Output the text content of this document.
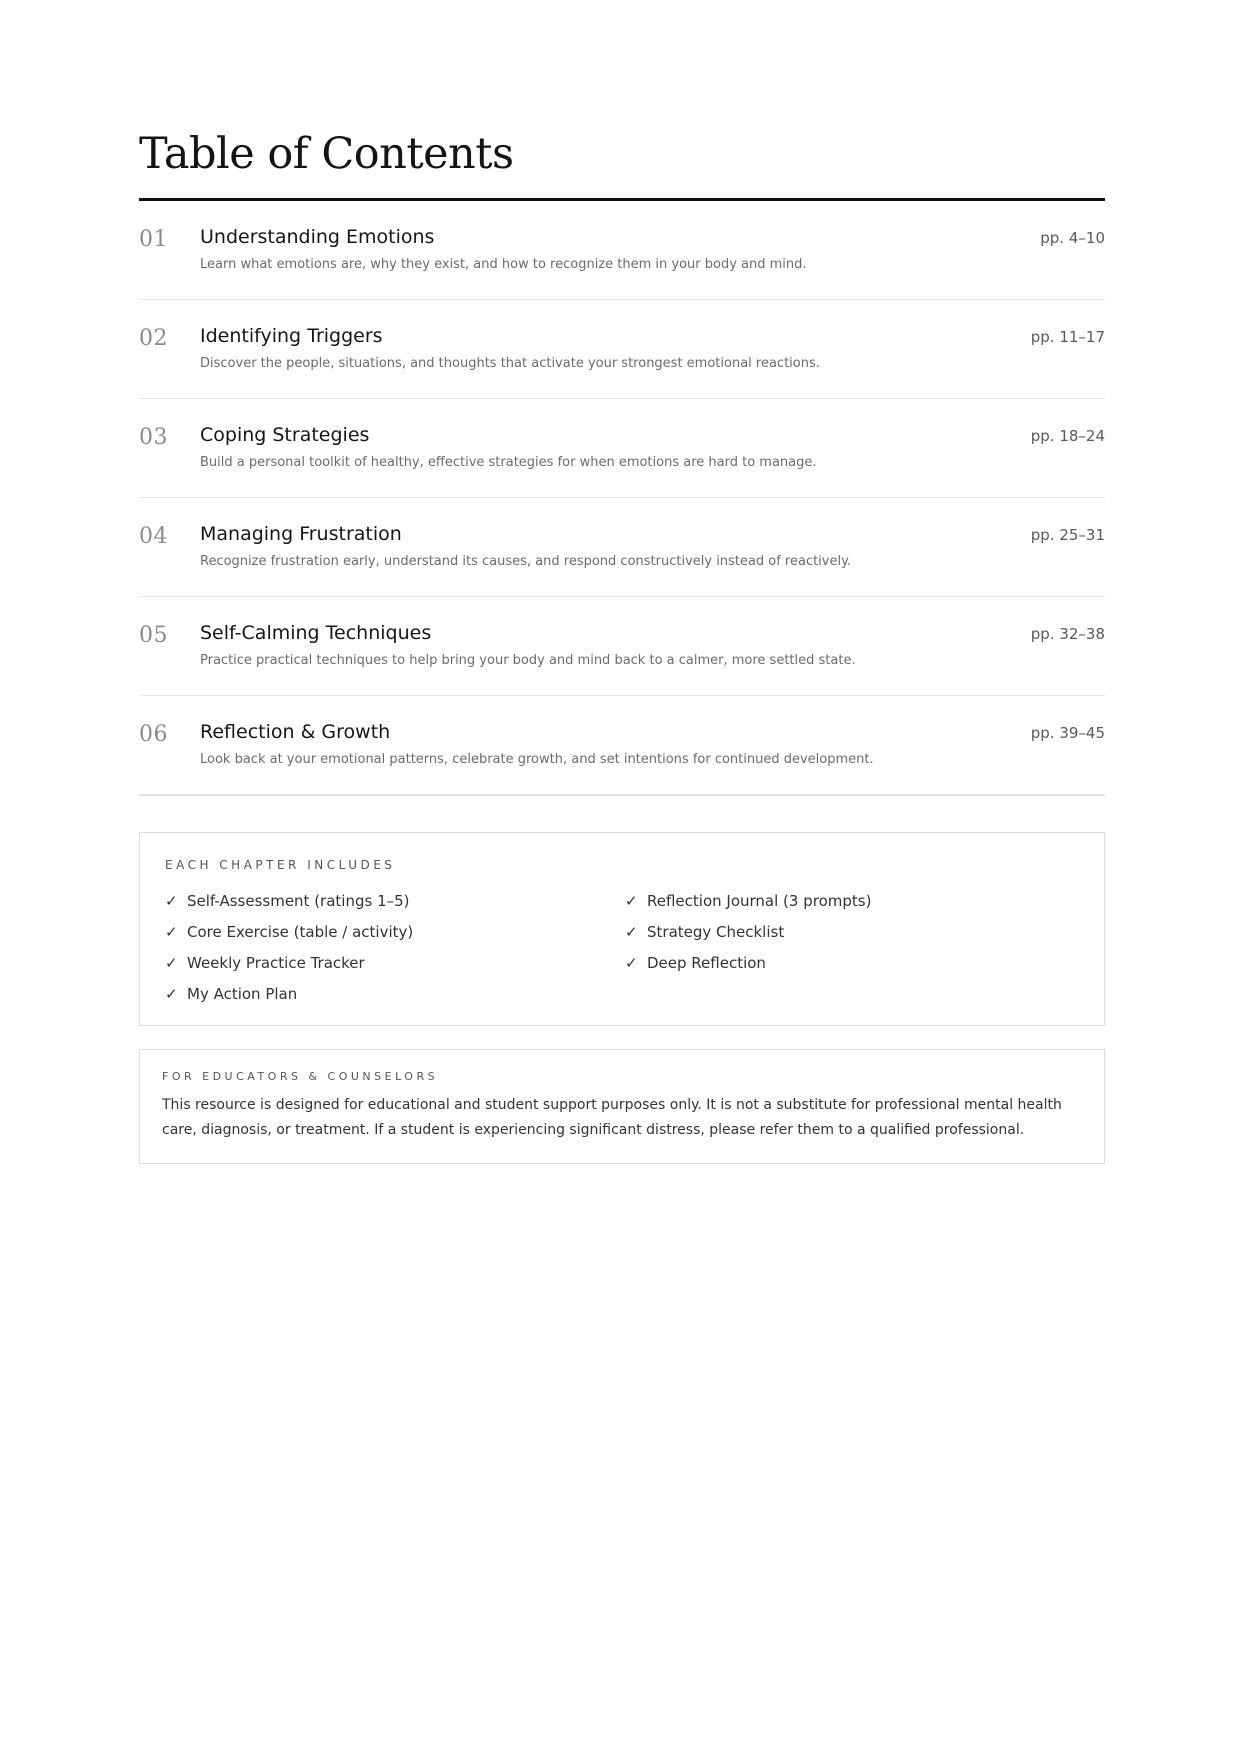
Table of Contents
01 Understanding Emotions
Learn what emotions are, why they exist, and how to recognize them in your body and mind.
pp. 4–10
02 Identifying Triggers
Discover the people, situations, and thoughts that activate your strongest emotional reactions.
pp. 11–17
03 Coping Strategies
Build a personal toolkit of healthy, effective strategies for when emotions are hard to manage.
pp. 18–24
04 Managing Frustration
Recognize frustration early, understand its causes, and respond constructively instead of reactively.
pp. 25–31
05 Self-Calming Techniques
Practice practical techniques to help bring your body and mind back to a calmer, more settled state.
pp. 32–38
06 Reflection & Growth
Look back at your emotional patterns, celebrate growth, and set intentions for continued development.
pp. 39–45
EACH CHAPTER INCLUDES
✓ Self-Assessment (ratings 1–5)
✓ Core Exercise (table / activity)
✓ Weekly Practice Tracker
✓ My Action Plan
✓ Reflection Journal (3 prompts)
✓ Strategy Checklist
✓ Deep Reflection
FOR EDUCATORS & COUNSELORS

This resource is designed for educational and student support purposes only. It is not a substitute for professional mental health care, diagnosis, or treatment. If a student is experiencing significant distress, please refer them to a qualified professional.
